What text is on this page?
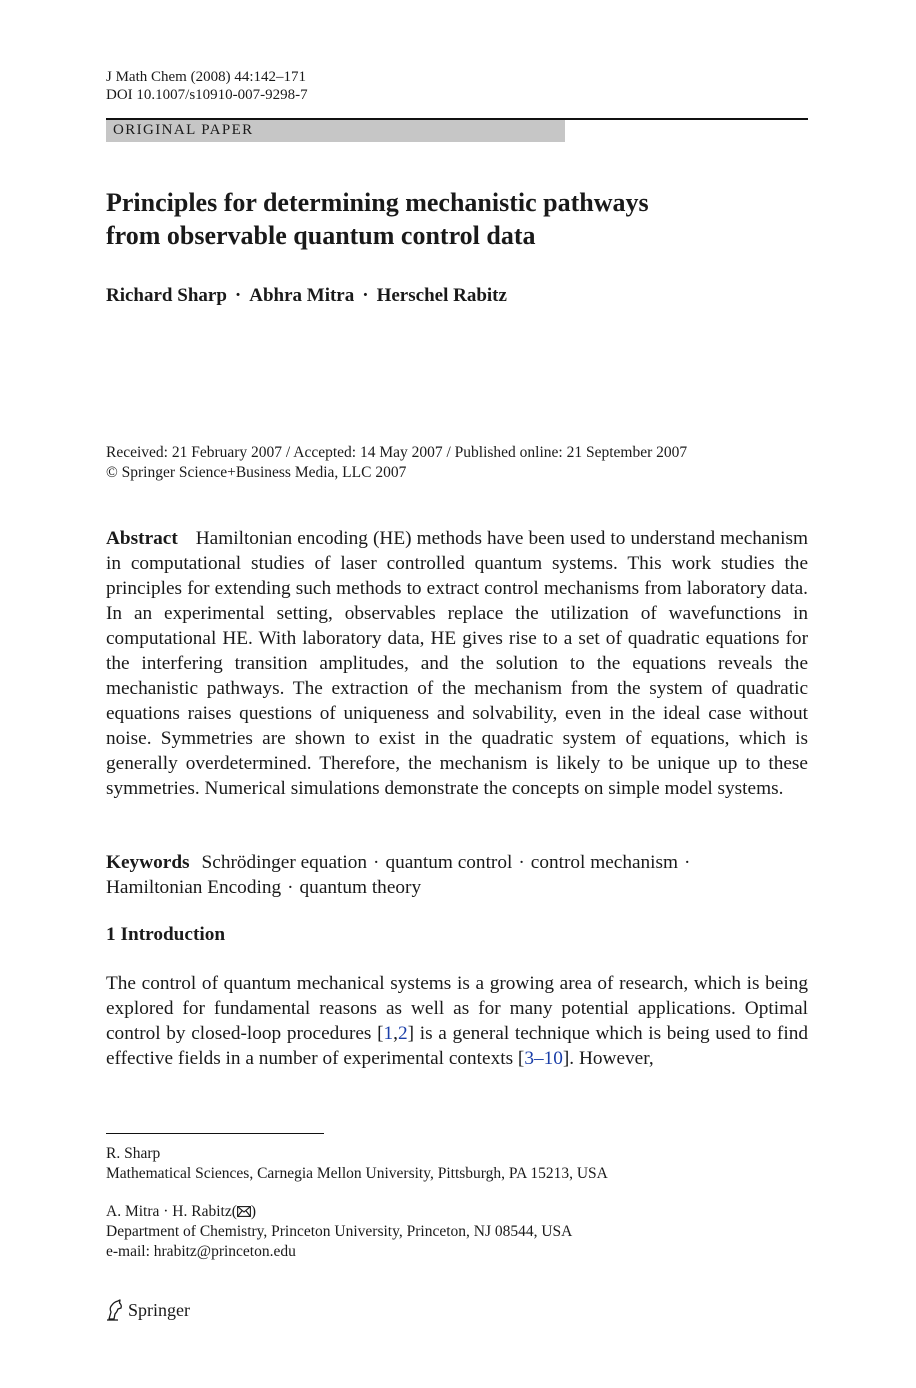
J Math Chem (2008) 44:142–171
DOI 10.1007/s10910-007-9298-7
ORIGINAL PAPER
Principles for determining mechanistic pathways
from observable quantum control data
Richard Sharp · Abhra Mitra · Herschel Rabitz
Received: 21 February 2007 / Accepted: 14 May 2007 / Published online: 21 September 2007
© Springer Science+Business Media, LLC 2007
Abstract Hamiltonian encoding (HE) methods have been used to understand mechanism in computational studies of laser controlled quantum systems. This work studies the principles for extending such methods to extract control mechanisms from laboratory data. In an experimental setting, observables replace the utilization of wavefunctions in computational HE. With laboratory data, HE gives rise to a set of quadratic equations for the interfering transition amplitudes, and the solution to the equations reveals the mechanistic pathways. The extraction of the mechanism from the system of quadratic equations raises questions of uniqueness and solvability, even in the ideal case without noise. Symmetries are shown to exist in the quadratic system of equations, which is generally overdetermined. Therefore, the mechanism is likely to be unique up to these symmetries. Numerical simulations demonstrate the concepts on simple model systems.
Keywords Schrödinger equation · quantum control · control mechanism ·
Hamiltonian Encoding · quantum theory
1 Introduction
The control of quantum mechanical systems is a growing area of research, which is being explored for fundamental reasons as well as for many potential applications. Optimal control by closed-loop procedures [1,2] is a general technique which is being used to find effective fields in a number of experimental contexts [3–10]. However,
R. Sharp
Mathematical Sciences, Carnegia Mellon University, Pittsburgh, PA 15213, USA
A. Mitra · H. Rabitz( )
Department of Chemistry, Princeton University, Princeton, NJ 08544, USA
e-mail: hrabitz@princeton.edu
Springer
